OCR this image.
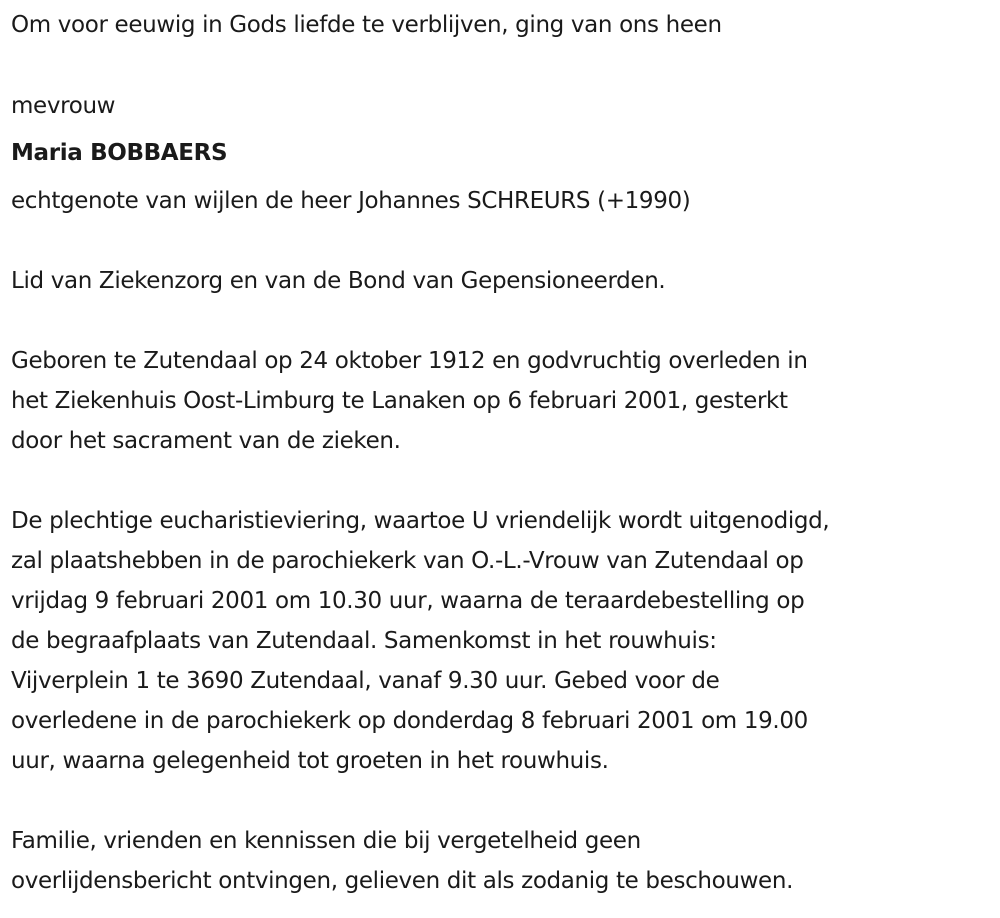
Om voor eeuwig in Gods liefde te verblijven, ging van ons heen
mevrouw
Maria BOBBAERS
echtgenote van wijlen de heer Johannes SCHREURS (+1990)
Lid van Ziekenzorg en van de Bond van Gepensioneerden.
Geboren te Zutendaal op 24 oktober 1912 en godvruchtig overleden in
het Ziekenhuis Oost-Limburg te Lanaken op 6 februari 2001, gesterkt
door het sacrament van de zieken.
De plechtige eucharistieviering, waartoe U vriendelijk wordt uitgenodigd,
zal plaatshebben in de parochiekerk van O.-L.-Vrouw van Zutendaal op
vrijdag 9 februari 2001 om 10.30 uur, waarna de teraardebestelling op
de begraafplaats van Zutendaal. Samenkomst in het rouwhuis:
Vijverplein 1 te 3690 Zutendaal, vanaf 9.30 uur. Gebed voor de
overledene in de parochiekerk op donderdag 8 februari 2001 om 19.00
uur, waarna gelegenheid tot groeten in het rouwhuis.
Familie, vrienden en kennissen die bij vergetelheid geen
overlijdensbericht ontvingen, gelieven dit als zodanig te beschouwen.
